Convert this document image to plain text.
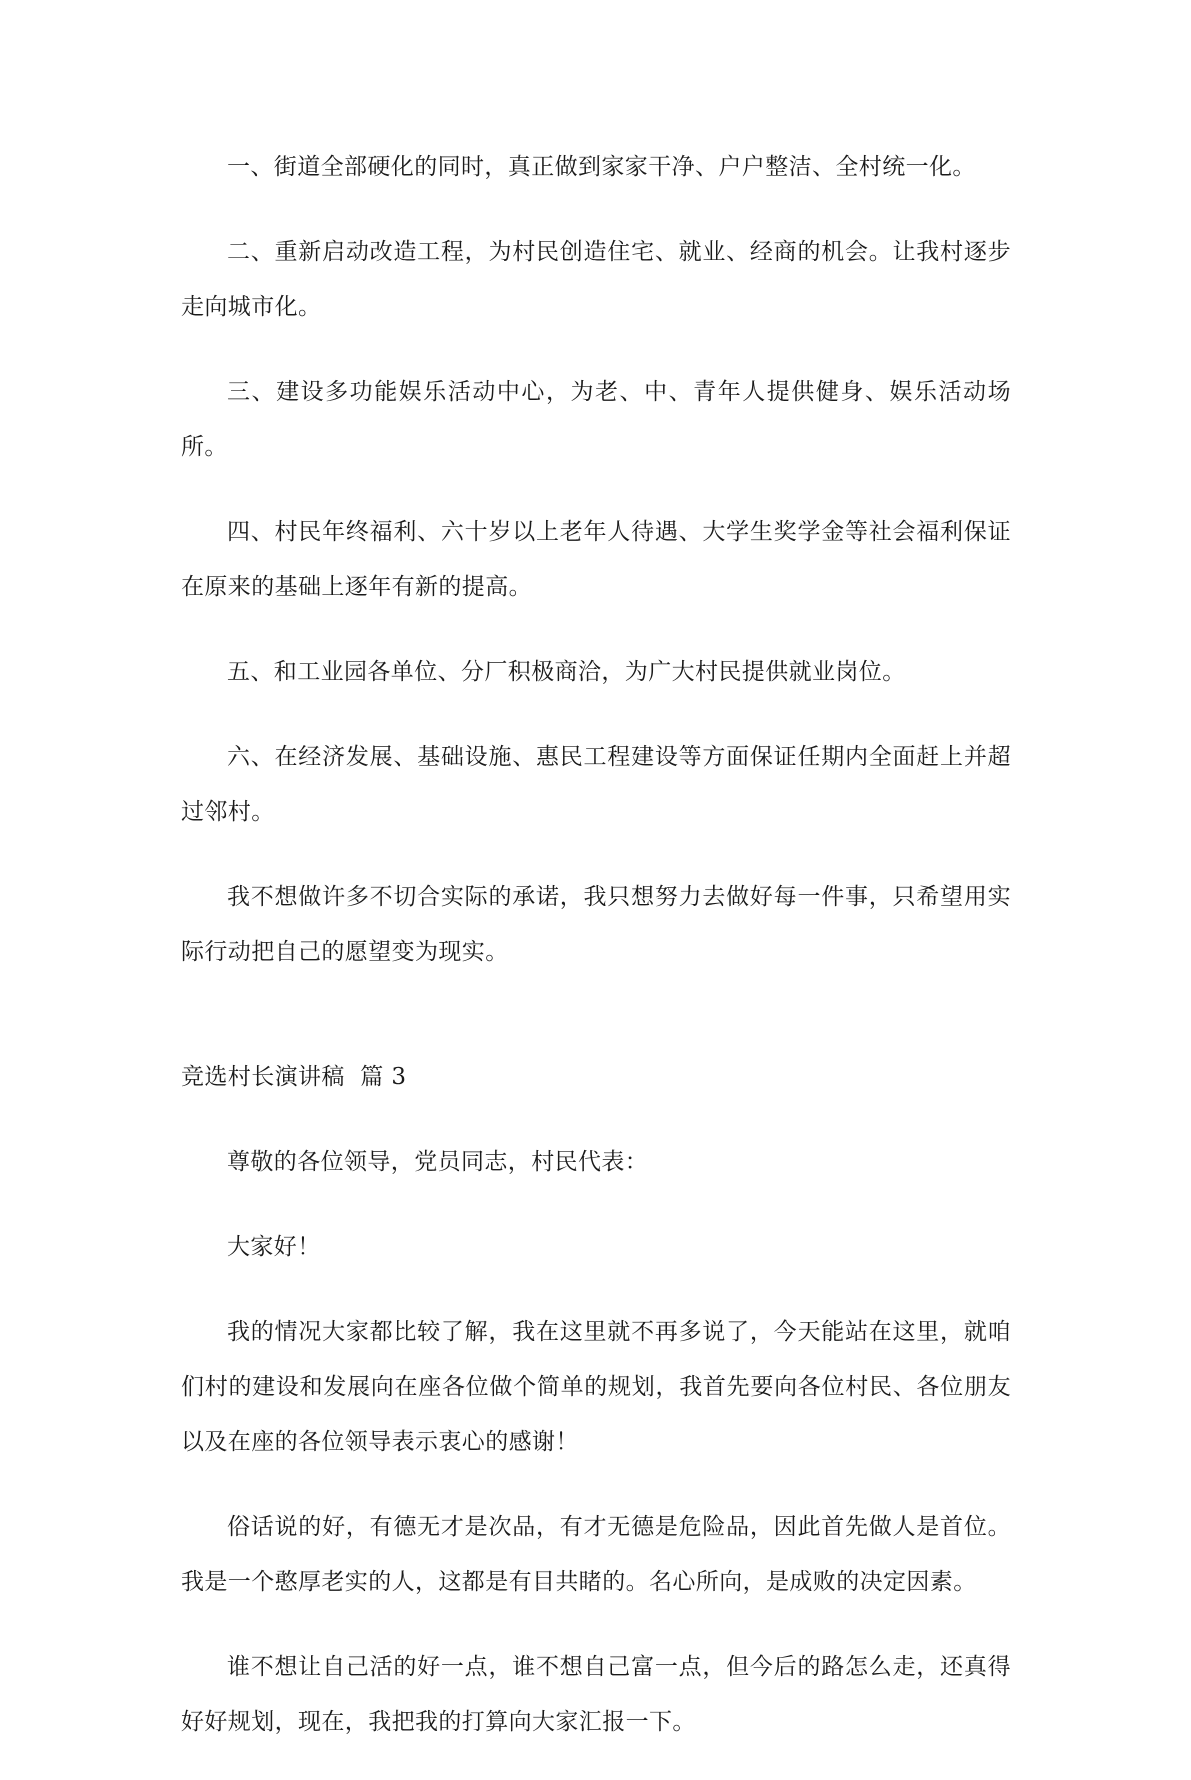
一、街道全部硬化的同时，真正做到家家干净、户户整洁、全村统一化。

二、重新启动改造工程，为村民创造住宅、就业、经商的机会。让我村逐步走向城市化。

三、建设多功能娱乐活动中心，为老、中、青年人提供健身、娱乐活动场所。

四、村民年终福利、六十岁以上老年人待遇、大学生奖学金等社会福利保证在原来的基础上逐年有新的提高。

五、和工业园各单位、分厂积极商洽，为广大村民提供就业岗位。

六、在经济发展、基础设施、惠民工程建设等方面保证任期内全面赶上并超过邻村。

我不想做许多不切合实际的承诺，我只想努力去做好每一件事，只希望用实际行动把自己的愿望变为现实。

竞选村长演讲稿  篇 3

尊敬的各位领导，党员同志，村民代表：

大家好！

我的情况大家都比较了解，我在这里就不再多说了，今天能站在这里，就咱们村的建设和发展向在座各位做个简单的规划，我首先要向各位村民、各位朋友以及在座的各位领导表示衷心的感谢！

俗话说的好，有德无才是次品，有才无德是危险品，因此首先做人是首位。我是一个憨厚老实的人，这都是有目共睹的。名心所向，是成败的决定因素。

谁不想让自己活的好一点，谁不想自己富一点，但今后的路怎么走，还真得好好规划，现在，我把我的打算向大家汇报一下。
